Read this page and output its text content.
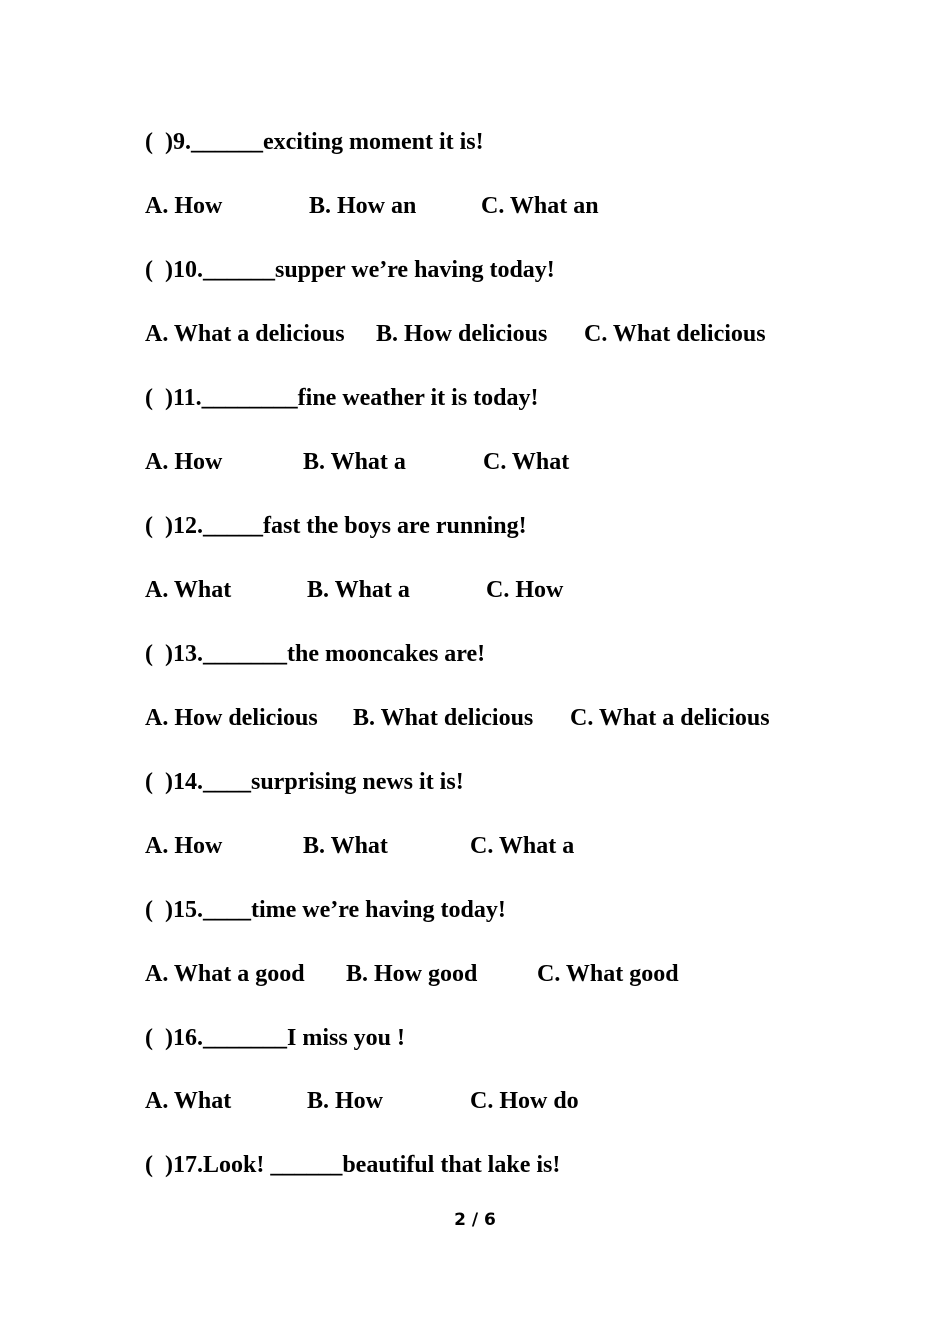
(  )9.______exciting moment it is!

A. How

	B. How an

	C. What an

(  )10.______supper we’re having today!

A. What a delicious

B. How delicious

C. What delicious

(  )11.________fine weather it is today!

A. How

	B. What a

	C. What

(  )12._____fast the boys are running!

A. What

	B. What a

	C. How

(  )13._______the mooncakes are!

A. How delicious

B. What delicious

C. What a delicious

(  )14.____surprising news it is!

A. How

	B. What

	C. What a

(  )15.____time we’re having today!

A. What a good

B. How good

C. What good

(  )16._______I miss you !

A. What

	B. How

	C. How do

(  )17.Look! ______beautiful that lake is!
2 / 6
